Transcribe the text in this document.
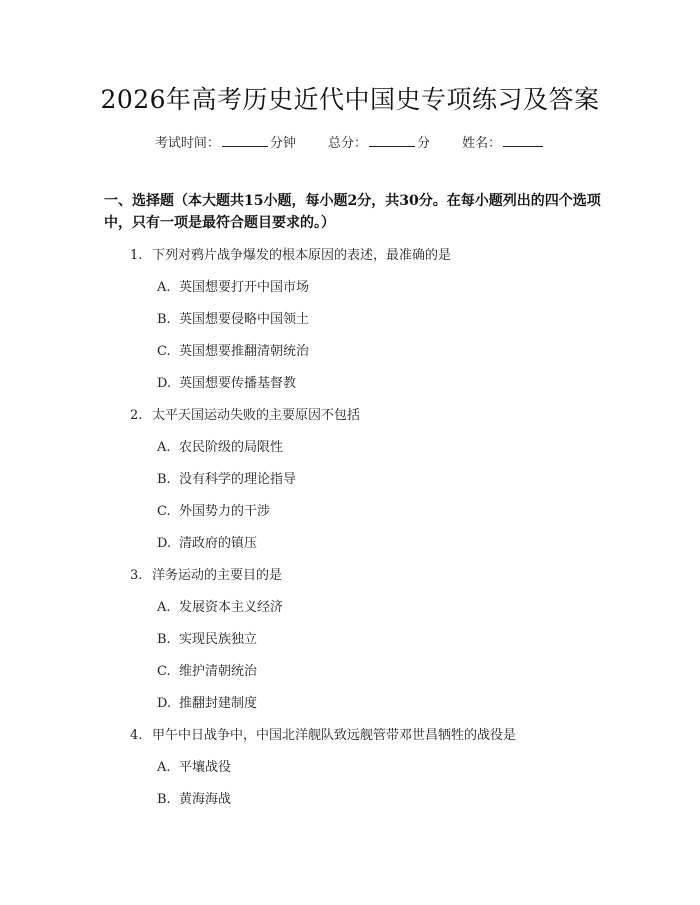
2026年高考历史近代中国史专项练习及答案
考试时间：	分钟 总分：	分 姓名：
一、选择题（本大题共15小题，每小题2分，共30分。在每小题列出的四个选项中，只有一项是最符合题目要求的。）
1. 下列对鸦片战争爆发的根本原因的表述，最准确的是
A. 英国想要打开中国市场
B. 英国想要侵略中国领土
C. 英国想要推翻清朝统治
D. 英国想要传播基督教
2. 太平天国运动失败的主要原因不包括
A. 农民阶级的局限性
B. 没有科学的理论指导
C. 外国势力的干涉
D. 清政府的镇压
3. 洋务运动的主要目的是
A. 发展资本主义经济
B. 实现民族独立
C. 维护清朝统治
D. 推翻封建制度
4. 甲午中日战争中，中国北洋舰队致远舰管带邓世昌牺牲的战役是
A. 平壤战役
B. 黄海海战
